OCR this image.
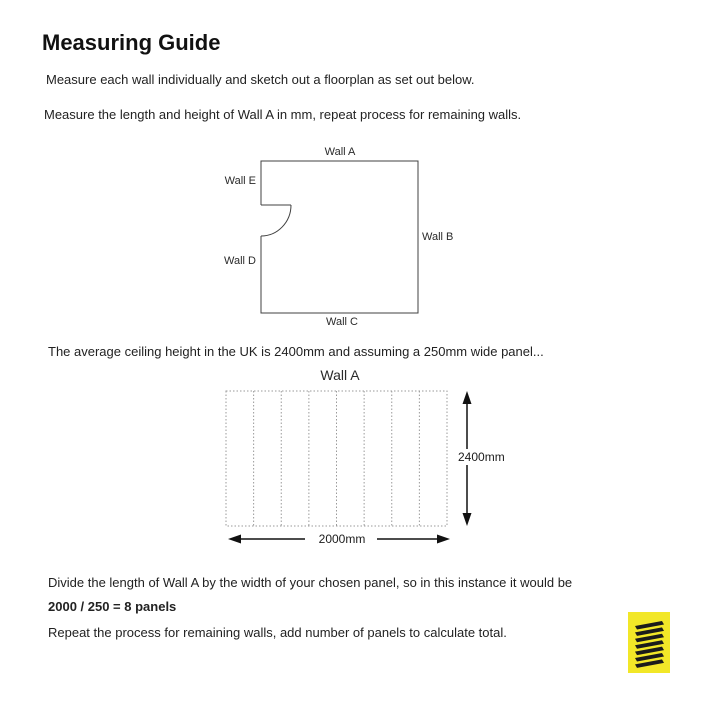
Measuring Guide
Measure each wall individually and sketch out a floorplan as set out below.
Measure the length and height of Wall A in mm, repeat process for remaining walls.
Wall A
Wall E
Wall D
Wall B
Wall C
The average ceiling height in the UK is 2400mm and assuming a 250mm wide panel...
Wall A
2400mm
2000mm
Divide the length of Wall A by the width of your chosen panel, so in this instance it would be
2000 / 250 = 8 panels
Repeat the process for remaining walls, add number of panels to calculate total.
